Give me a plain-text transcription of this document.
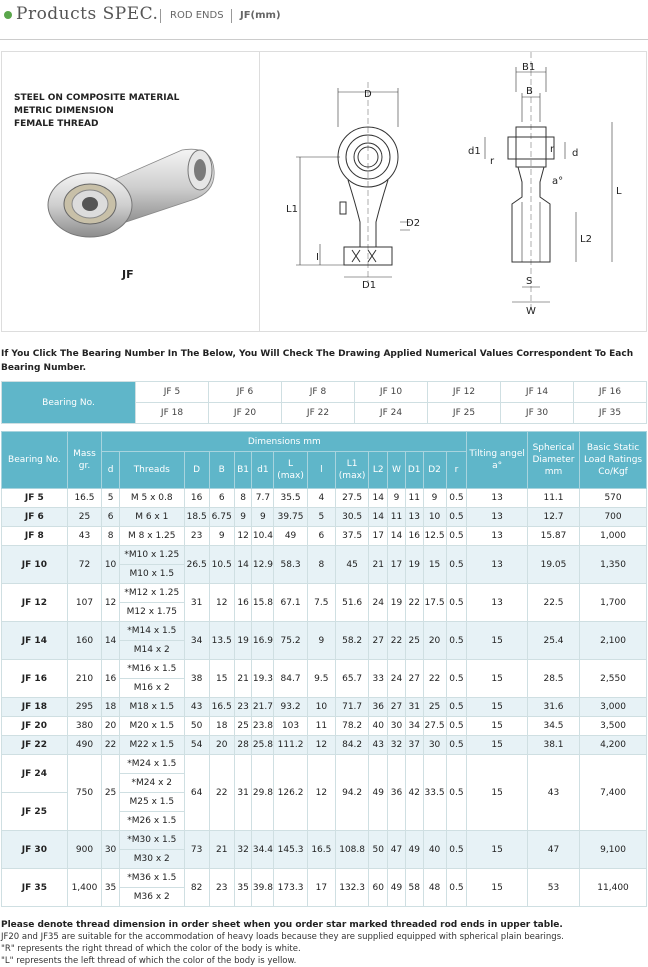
Products SPEC. ROD ENDS JF(mm)
STEEL ON COMPOSITE MATERIAL
METRIC DIMENSION
FEMALE THREAD
JF
D
L1
D2
I
D1
B1
B
d1
r
r d
a°
L
L2
S
W
If You Click The Bearing Number In The Below, You Will Check The Drawing Applied Numerical Values Correspondent To Each Bearing Number.
Bearing No.	JF 5	JF 6	JF 8	JF 10	JF 12	JF 14	JF 16
	JF 18	JF 20	JF 22	JF 24	JF 25	JF 30	JF 35
Bearing No.	Mass gr.	Dimensions mm														Tilting angel a°	Spherical Diameter mm	Basic Static Load Ratings Co/Kgf
		d	Threads	D	B	B1	d1	L (max)	l	L1 (max)	L2	W	D1	D2	r			
JF 5	16.5	5	M 5 x 0.8	16	6	8	7.7	35.5	4	27.5	14	9	11	9	0.5	13	11.1	570
JF 6	25	6	M 6 x 1	18.5	6.75	9	9	39.75	5	30.5	14	11	13	10	0.5	13	12.7	700
JF 8	43	8	M 8 x 1.25	23	9	12	10.4	49	6	37.5	17	14	16	12.5	0.5	13	15.87	1,000
JF 10	72	10	*M10 x 1.25	26.5	10.5	14	12.9	58.3	8	45	21	17	19	15	0.5	13	19.05	1,350
			M10 x 1.5															
JF 12	107	12	*M12 x 1.25	31	12	16	15.8	67.1	7.5	51.6	24	19	22	17.5	0.5	13	22.5	1,700
			M12 x 1.75															
JF 14	160	14	*M14 x 1.5	34	13.5	19	16.9	75.2	9	58.2	27	22	25	20	0.5	15	25.4	2,100
			M14 x 2															
JF 16	210	16	*M16 x 1.5	38	15	21	19.3	84.7	9.5	65.7	33	24	27	22	0.5	15	28.5	2,550
			M16 x 2															
JF 18	295	18	M18 x 1.5	43	16.5	23	21.7	93.2	10	71.7	36	27	31	25	0.5	15	31.6	3,000
JF 20	380	20	M20 x 1.5	50	18	25	23.8	103	11	78.2	40	30	34	27.5	0.5	15	34.5	3,500
JF 22	490	22	M22 x 1.5	54	20	28	25.8	111.2	12	84.2	43	32	37	30	0.5	15	38.1	4,200
JF 24	750	25	*M24 x 1.5	64	22	31	29.8	126.2	12	94.2	49	36	42	33.5	0.5	15	43	7,400
			*M24 x 2															
JF 25			M25 x 1.5															
			*M26 x 1.5															
JF 30	900	30	*M30 x 1.5	73	21	32	34.4	145.3	16.5	108.8	50	47	49	40	0.5	15	47	9,100
			M30 x 2															
JF 35	1,400	35	*M36 x 1.5	82	23	35	39.8	173.3	17	132.3	60	49	58	48	0.5	15	53	11,400
			M36 x 2															
Please denote thread dimension in order sheet when you order star marked threaded rod ends in upper table.
JF20 and JF35 are suitable for the accommodation of heavy loads because they are supplied equipped with spherical plain bearings.
"R" represents the right thread of which the color of the body is white.
"L" represents the left thread of which the color of the body is yellow.
